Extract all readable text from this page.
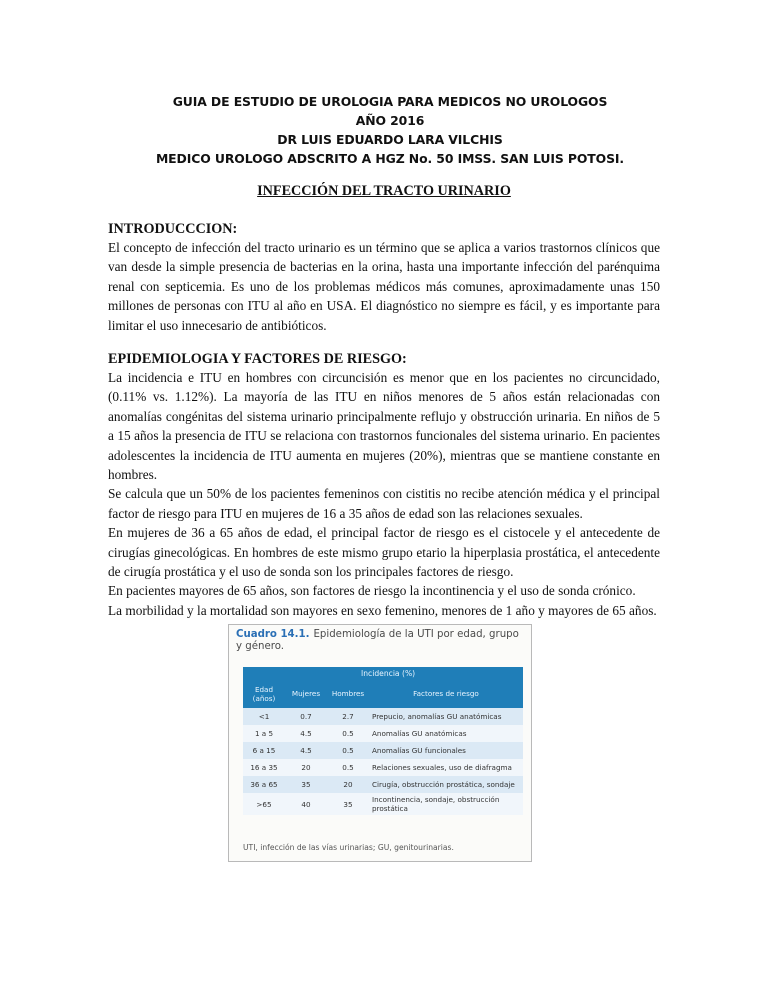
GUIA DE ESTUDIO DE UROLOGIA PARA MEDICOS NO UROLOGOS
AÑO 2016
DR LUIS EDUARDO LARA VILCHIS
MEDICO UROLOGO ADSCRITO A HGZ No. 50 IMSS. SAN LUIS POTOSI.
INFECCIÓN DEL TRACTO URINARIO
INTRODUCCCION:

El concepto de infección del tracto urinario es un término que se aplica a varios trastornos clínicos que van desde la simple presencia de bacterias en la orina, hasta una importante infección del parénquima renal con septicemia. Es uno de los problemas médicos más comunes, aproximadamente unas 150 millones de personas con ITU al año en USA. El diagnóstico no siempre es fácil, y es importante para limitar el uso innecesario de antibióticos.

EPIDEMIOLOGIA Y FACTORES DE RIESGO:

La incidencia e ITU en hombres con circuncisión es menor que en los pacientes no circuncidado, (0.11% vs. 1.12%). La mayoría de las ITU en niños menores de 5 años están relacionadas con anomalías congénitas del sistema urinario principalmente reflujo y obstrucción urinaria. En niños de 5 a 15 años la presencia de ITU se relaciona con trastornos funcionales del sistema urinario. En pacientes adolescentes la incidencia de ITU aumenta en mujeres (20%), mientras que se mantiene constante en hombres.

Se calcula que un 50% de los pacientes femeninos con cistitis no recibe atención médica y el principal factor de riesgo para ITU en mujeres de 16 a 35 años de edad son las relaciones sexuales.

En mujeres de 36 a 65 años de edad, el principal factor de riesgo es el cistocele y el antecedente de cirugías ginecológicas. En hombres de este mismo grupo etario la hiperplasia prostática, el antecedente de cirugía prostática y el uso de sonda son los principales factores de riesgo.

En pacientes mayores de 65 años, son factores de riesgo la incontinencia y el uso de sonda crónico.

La morbilidad y la mortalidad son mayores en sexo femenino, menores de 1 año y mayores de 65 años.

Cuadro 14.1. Epidemiología de la UTI por edad, grupo y género.
Incidencia (%)
Edad (años)	Mujeres	Hombres	Factores de riesgo
<1	0.7	2.7	Prepucio, anomalías GU anatómicas
1 a 5	4.5	0.5	Anomalías GU anatómicas
6 a 15	4.5	0.5	Anomalías GU funcionales
16 a 35	20	0.5	Relaciones sexuales, uso de diafragma
36 a 65	35	20	Cirugía, obstrucción prostática, sondaje
>65	40	35	Incontinencia, sondaje, obstrucción prostática
UTI, infección de las vías urinarias; GU, genitourinarias.
